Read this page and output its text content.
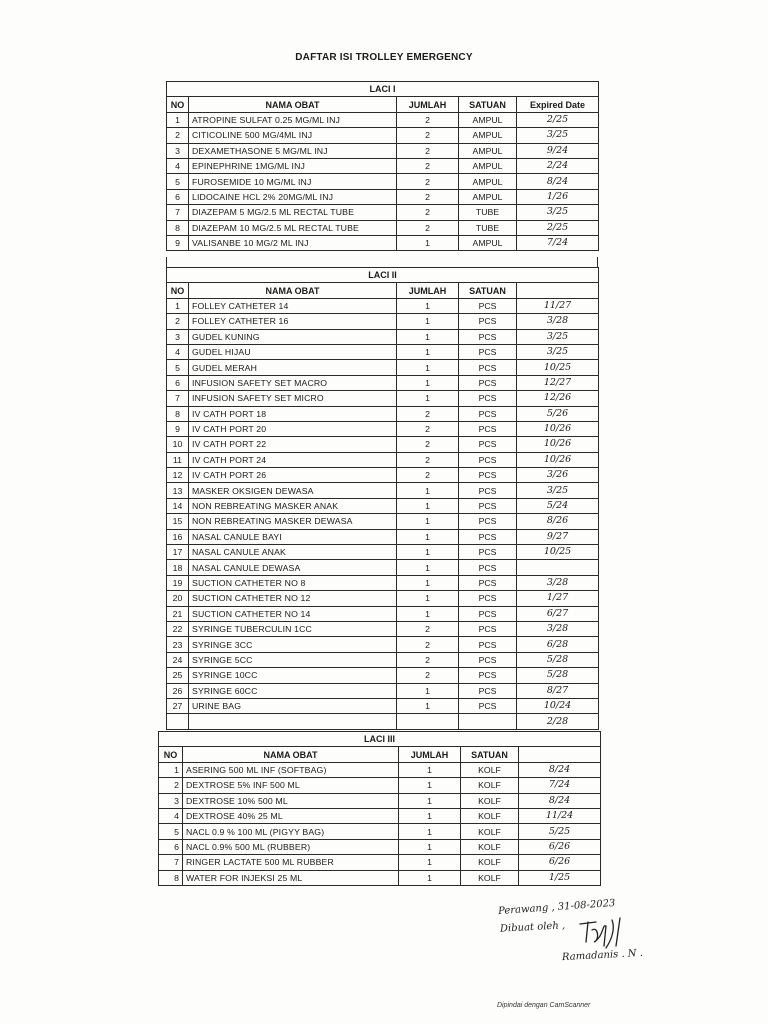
DAFTAR ISI TROLLEY EMERGENCY
LACI I				
NO	NAMA OBAT	JUMLAH	SATUAN	Expired Date
1	ATROPINE SULFAT 0.25 MG/ML INJ	2	AMPUL	2/25
2	CITICOLINE 500 MG/4ML INJ	2	AMPUL	3/25
3	DEXAMETHASONE 5 MG/ML INJ	2	AMPUL	9/24
4	EPINEPHRINE 1MG/ML INJ	2	AMPUL	2/24
5	FUROSEMIDE 10 MG/ML INJ	2	AMPUL	8/24
6	LIDOCAINE HCL 2% 20MG/ML INJ	2	AMPUL	1/26
7	DIAZEPAM 5 MG/2.5 ML RECTAL TUBE	2	TUBE	3/25
8	DIAZEPAM 10 MG/2.5 ML RECTAL TUBE	2	TUBE	2/25
9	VALISANBE 10 MG/2 ML INJ	1	AMPUL	7/24
LACI II				
NO	NAMA OBAT	JUMLAH	SATUAN	
1	FOLLEY CATHETER 14	1	PCS	11/27
2	FOLLEY CATHETER 16	1	PCS	3/28
3	GUDEL KUNING	1	PCS	3/25
4	GUDEL HIJAU	1	PCS	3/25
5	GUDEL MERAH	1	PCS	10/25
6	INFUSION SAFETY SET MACRO	1	PCS	12/27
7	INFUSION SAFETY SET MICRO	1	PCS	12/26
8	IV CATH PORT 18	2	PCS	5/26
9	IV CATH PORT 20	2	PCS	10/26
10	IV CATH PORT 22	2	PCS	10/26
11	IV CATH PORT 24	2	PCS	10/26
12	IV CATH PORT 26	2	PCS	3/26
13	MASKER OKSIGEN DEWASA	1	PCS	3/25
14	NON REBREATING MASKER ANAK	1	PCS	5/24
15	NON REBREATING MASKER DEWASA	1	PCS	8/26
16	NASAL CANULE BAYI	1	PCS	9/27
17	NASAL CANULE ANAK	1	PCS	10/25
18	NASAL CANULE DEWASA	1	PCS	
19	SUCTION CATHETER NO 8	1	PCS	3/28
20	SUCTION CATHETER NO 12	1	PCS	1/27
21	SUCTION CATHETER NO 14	1	PCS	6/27
22	SYRINGE TUBERCULIN 1CC	2	PCS	3/28
23	SYRINGE 3CC	2	PCS	6/28
24	SYRINGE 5CC	2	PCS	5/28
25	SYRINGE 10CC	2	PCS	5/28
26	SYRINGE 60CC	1	PCS	8/27
27	URINE BAG	1	PCS	10/24
				2/28
LACI III				
NO	NAMA OBAT	JUMLAH	SATUAN	
1	ASERING 500 ML INF (SOFTBAG)	1	KOLF	8/24
2	DEXTROSE 5% INF 500 ML	1	KOLF	7/24
3	DEXTROSE 10% 500 ML	1	KOLF	8/24
4	DEXTROSE 40% 25 ML	1	KOLF	11/24
5	NACL 0.9 % 100 ML (PIGYY BAG)	1	KOLF	5/25
6	NACL 0.9% 500 ML (RUBBER)	1	KOLF	6/26
7	RINGER LACTATE 500 ML RUBBER	1	KOLF	6/26
8	WATER FOR INJEKSI 25 ML	1	KOLF	1/25
Perawang , 31-08-2023
Dibuat oleh ,
Ramadanis . N .
Dipindai dengan CamScanner
